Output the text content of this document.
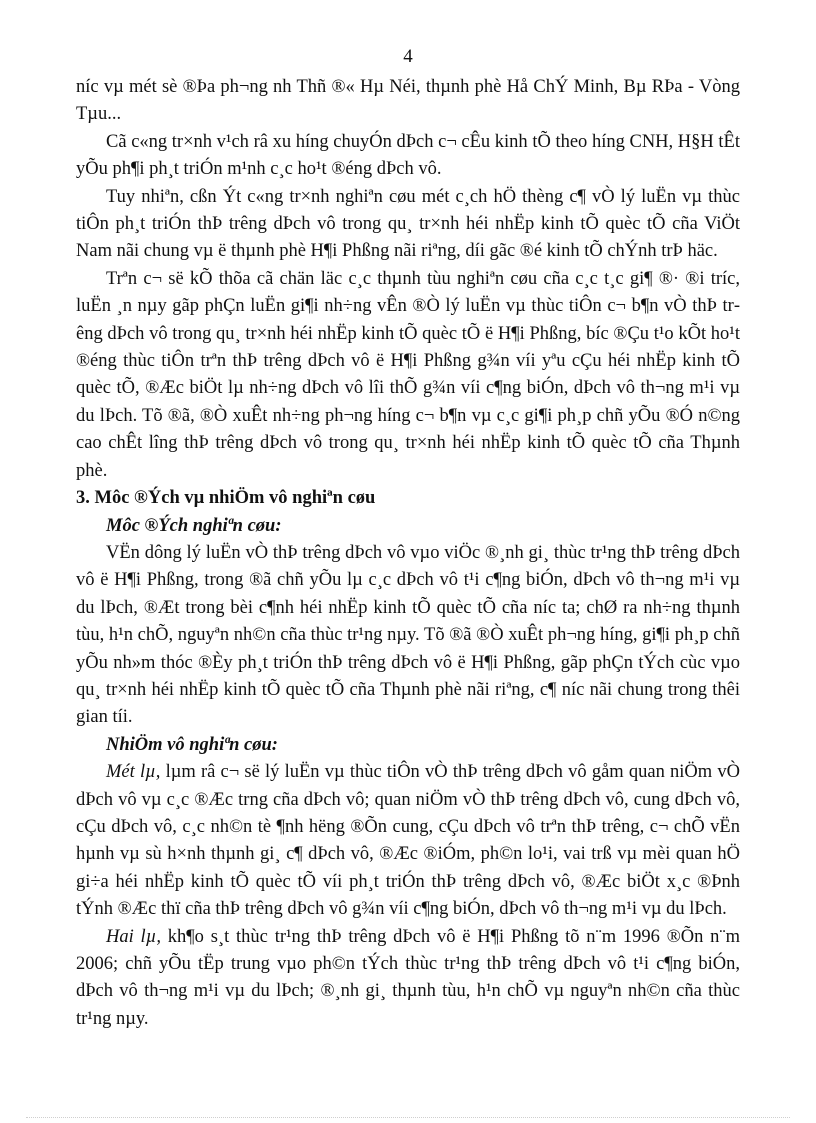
4

níc vµ mét sè ®Þa ph¬ng nh Thñ ®« Hµ Néi, thµnh phè Hå ChÝ Minh, Bµ RÞa - Vòng Tµu...

Cã c«ng tr×nh v¹ch râ xu híng chuyÓn dÞch c¬ cÊu kinh tÕ theo híng CNH, H§H tÊt yÕu ph¶i ph¸t triÓn m¹nh c¸c ho¹t ®éng dÞch vô.

Tuy nhiªn, cßn Ýt c«ng tr×nh nghiªn cøu mét c¸ch hÖ thèng c¶ vÒ lý luËn vµ thùc tiÔn ph¸t triÓn thÞ trêng dÞch vô trong qu¸ tr×nh héi nhËp kinh tÕ quèc tÕ cña ViÖt Nam nãi chung vµ ë thµnh phè H¶i Phßng nãi riªng, díi gãc ®é kinh tÕ chÝnh trÞ häc.

Trªn c¬ së kÕ thõa cã chän läc c¸c thµnh tùu nghiªn cøu cña c¸c t¸c gi¶ ®· ®i tríc, luËn ¸n nµy gãp phÇn luËn gi¶i nh÷ng vÊn ®Ò lý luËn vµ thùc tiÔn c¬ b¶n vÒ thÞ trêng dÞch vô trong qu¸ tr×nh héi nhËp kinh tÕ quèc tÕ ë H¶i Phßng, bíc ®Çu t¹o kÕt ho¹t ®éng thùc tiÔn trªn thÞ trêng dÞch vô ë H¶i Phßng g¾n víi yªu cÇu héi nhËp kinh tÕ quèc tÕ, ®Æc biÖt lµ nh÷ng dÞch vô lîi thÕ g¾n víi c¶ng biÓn, dÞch vô th¬ng m¹i vµ du lÞch. Tõ ®ã, ®Ò xuÊt nh÷ng ph¬ng híng c¬ b¶n vµ c¸c gi¶i ph¸p chñ yÕu ®Ó n©ng cao chÊt lîng thÞ trêng dÞch vô trong qu¸ tr×nh héi nhËp kinh tÕ quèc tÕ cña Thµnh phè.

3. Môc ®Ých vµ nhiÖm vô nghiªn cøu

Môc ®Ých nghiªn cøu:

VËn dông lý luËn vÒ thÞ trêng dÞch vô vµo viÖc ®¸nh gi¸ thùc tr¹ng thÞ trêng dÞch vô ë H¶i Phßng, trong ®ã chñ yÕu lµ c¸c dÞch vô t¹i c¶ng biÓn, dÞch vô th¬ng m¹i vµ du lÞch, ®Æt trong bèi c¶nh héi nhËp kinh tÕ quèc tÕ cña níc ta; chØ ra nh÷ng thµnh tùu, h¹n chÕ, nguyªn nh©n cña thùc tr¹ng nµy. Tõ ®ã ®Ò xuÊt ph¬ng híng, gi¶i ph¸p chñ yÕu nh»m thóc ®Èy ph¸t triÓn thÞ trêng dÞch vô ë H¶i Phßng, gãp phÇn tÝch cùc vµo qu¸ tr×nh héi nhËp kinh tÕ quèc tÕ cña Thµnh phè nãi riªng, c¶ níc nãi chung trong thêi gian tíi.

NhiÖm vô nghiªn cøu:

Mét lµ, lµm râ c¬ së lý luËn vµ thùc tiÔn vÒ thÞ trêng dÞch vô gåm quan niÖm vÒ dÞch vô vµ c¸c ®Æc trng cña dÞch vô; quan niÖm vÒ thÞ trêng dÞch vô, cung dÞch vô, cÇu dÞch vô, c¸c nh©n tè ¶nh hëng ®Õn cung, cÇu dÞch vô trªn thÞ trêng, c¬ chÕ vËn hµnh vµ sù h×nh thµnh gi¸ c¶ dÞch vô, ®Æc ®iÓm, ph©n lo¹i, vai trß vµ mèi quan hÖ gi÷a héi nhËp kinh tÕ quèc tÕ víi ph¸t triÓn thÞ trêng dÞch vô, ®Æc biÖt x¸c ®Þnh tÝnh ®Æc thï cña thÞ trêng dÞch vô g¾n víi c¶ng biÓn, dÞch vô th¬ng m¹i vµ du lÞch.

Hai lµ, kh¶o s¸t thùc tr¹ng thÞ trêng dÞch vô ë H¶i Phßng tõ n¨m 1996 ®Õn n¨m 2006; chñ yÕu tËp trung vµo ph©n tÝch thùc tr¹ng thÞ trêng dÞch vô t¹i c¶ng biÓn, dÞch vô th¬ng m¹i vµ du lÞch; ®¸nh gi¸ thµnh tùu, h¹n chÕ vµ nguyªn nh©n cña thùc tr¹ng nµy.
